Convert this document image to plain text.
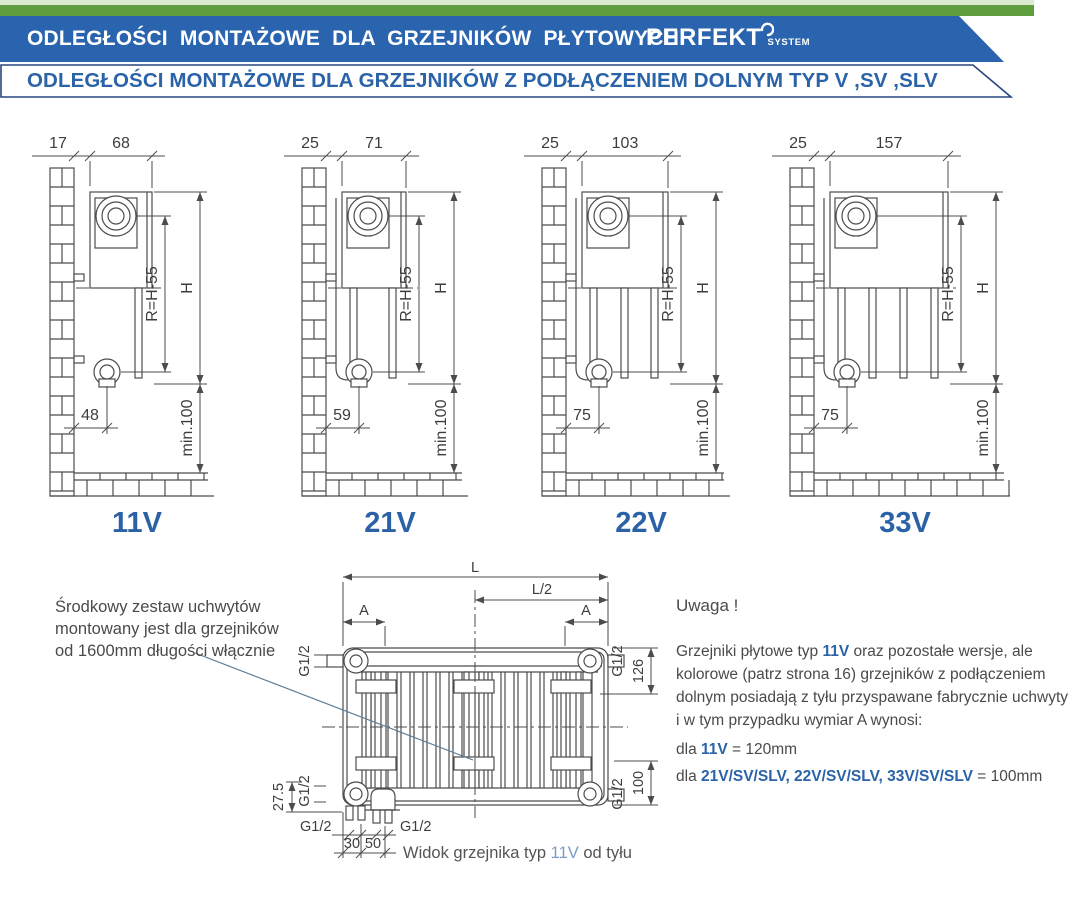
ODLEGŁOŚCI MONTAŻOWE DLA GRZEJNIKÓW PŁYTOWYCH
PERFEKT SYSTEM
ODLEGŁOŚCI MONTAŻOWE DLA GRZEJNIKÓW Z PODŁĄCZENIEM DOLNYM TYP V ,SV ,SLV
17	68
R=H-55 H
min.100
48
11V
25	71
R=H-55 H
min.100
59
21V
25	103
R=H-55 H
min.100
75
22V
25	157
R=H-55 H
min.100
75
33V
L
L/2
A	A
G1/2
G1/2
126
100
G1/2
G1/2
27.5
G1/2	G1/2
30 50 Widok grzejnika typ 11V od tyłu
Środkowy zestaw uchwytów
montowany jest dla grzejników
od 1600mm długości włącznie
Uwaga !
Grzejniki płytowe typ 11V oraz pozostałe wersje, ale kolorowe (patrz strona 16) grzejników z podłączeniem dolnym posiadają z tyłu przyspawane fabrycznie uchwyty i w tym przypadku wymiar A wynosi:
dla 11V = 120mm
dla 21V/SV/SLV, 22V/SV/SLV, 33V/SV/SLV = 100mm
